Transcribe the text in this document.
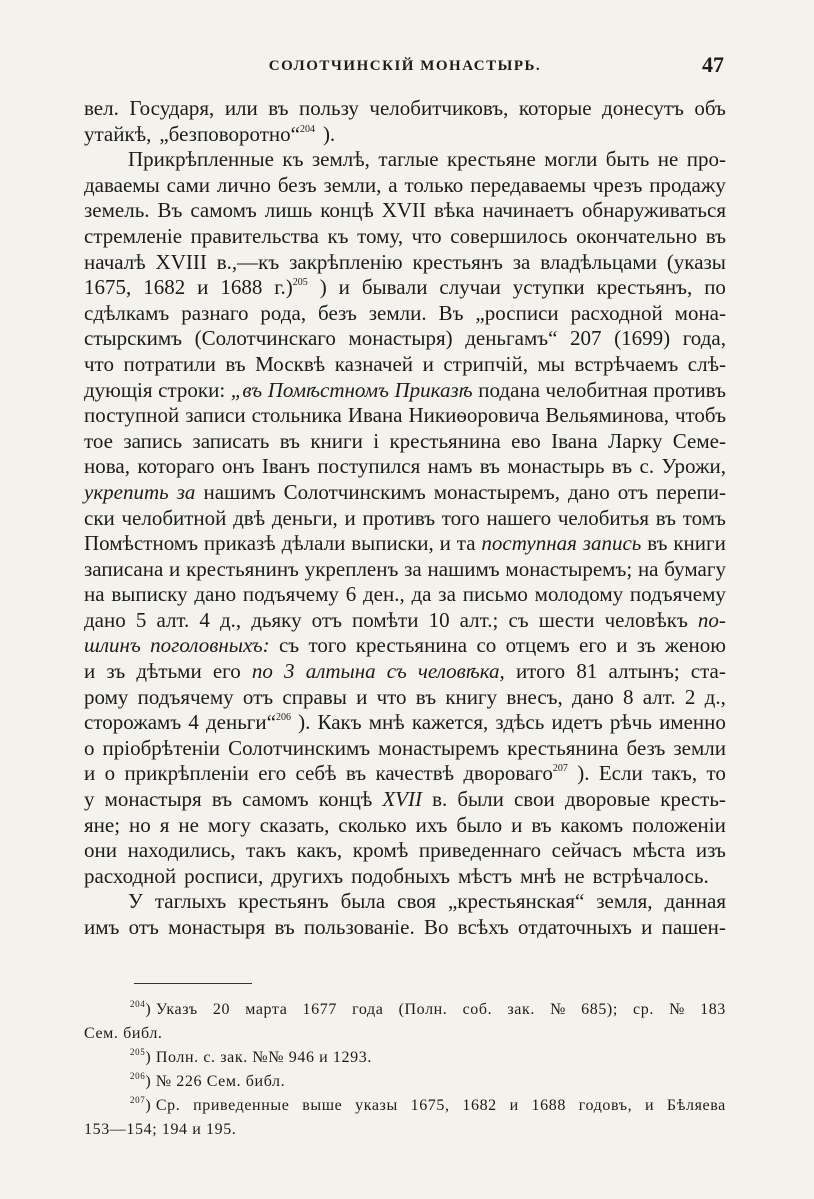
СОЛОТЧИНСКІЙ МОНАСТЫРЬ.	47
вел. Государя, или въ пользу челобитчиковъ, которые донесутъ объ
утайкѣ, „безповоротно“$^{204}$ ).
Прикрѣпленные къ землѣ, таглые крестьяне могли быть не про-
даваемы сами лично безъ земли, а только передаваемы чрезъ продажу
земель. Въ самомъ лишь концѣ XVII вѣка начинаетъ обнаруживаться
стремленіе правительства къ тому, что совершилось окончательно въ
началѣ XVIII в.,—къ закрѣпленію крестьянъ за владѣльцами (указы
1675, 1682 и 1688 г.)$^{205}$ ) и бывали случаи уступки крестьянъ, по
сдѣлкамъ разнаго рода, безъ земли. Въ „росписи расходной мона-
стырскимъ (Солотчинскаго монастыря) деньгамъ“ 207 (1699) года,
что потратили въ Москвѣ казначей и стрипчій, мы встрѣчаемъ слѣ-
дующія строки: „въ Помѣстномъ Приказѣ подана челобитная противъ
поступной записи стольника Ивана Никиѳоровича Вельяминова, чтобъ
тое запись записать въ книги і крестьянина ево Івана Ларку Семе-
нова, котораго онъ Іванъ поступился намъ въ монастырь въ с. Урожи,
укрепить за нашимъ Солотчинскимъ монастыремъ, дано отъ перепи-
ски челобитной двѣ деньги, и противъ того нашего челобитья въ томъ
Помѣстномъ приказѣ дѣлали выписки, и та поступная запись въ книги
записана и крестьянинъ укрепленъ за нашимъ монастыремъ; на бумагу
на выписку дано подъячему 6 ден., да за письмо молодому подъячему
дано 5 алт. 4 д., дьяку отъ помѣти 10 алт.; съ шести человѣкъ по-
шлинъ поголовныхъ: съ того крестьянина со отцемъ его и зъ женою
и зъ дѣтьми его по 3 алтына съ человѣка, итого 81 алтынъ; ста-
рому подъячему отъ справы и что въ книгу внесъ, дано 8 алт. 2 д.,
сторожамъ 4 деньги“$^{206}$ ). Какъ мнѣ кажется, здѣсь идетъ рѣчь именно
о пріобрѣтеніи Солотчинскимъ монастыремъ крестьянина безъ земли
и о прикрѣпленіи его себѣ въ качествѣ двороваго$^{207}$ ). Если такъ, то
у монастыря въ самомъ концѣ XVII в. были свои дворовые кресть-
яне; но я не могу сказать, сколько ихъ было и въ какомъ положеніи
они находились, такъ какъ, кромѣ приведеннаго сейчасъ мѣста изъ
расходной росписи, другихъ подобныхъ мѣстъ мнѣ не встрѣчалось.
У таглыхъ крестьянъ была своя „крестьянская“ земля, данная
имъ отъ монастыря въ пользованіе. Во всѣхъ отдаточныхъ и пашен-
$^{204}$) Указъ 20 марта 1677 года (Полн. соб. зак. № 685); ср. № 183
Сем. библ.
$^{205}$) Полн. с. зак. №№ 946 и 1293.
$^{206}$) № 226 Сем. библ.
$^{207}$) Ср. приведенные выше указы 1675, 1682 и 1688 годовъ, и Бѣляева
153—154; 194 и 195.
